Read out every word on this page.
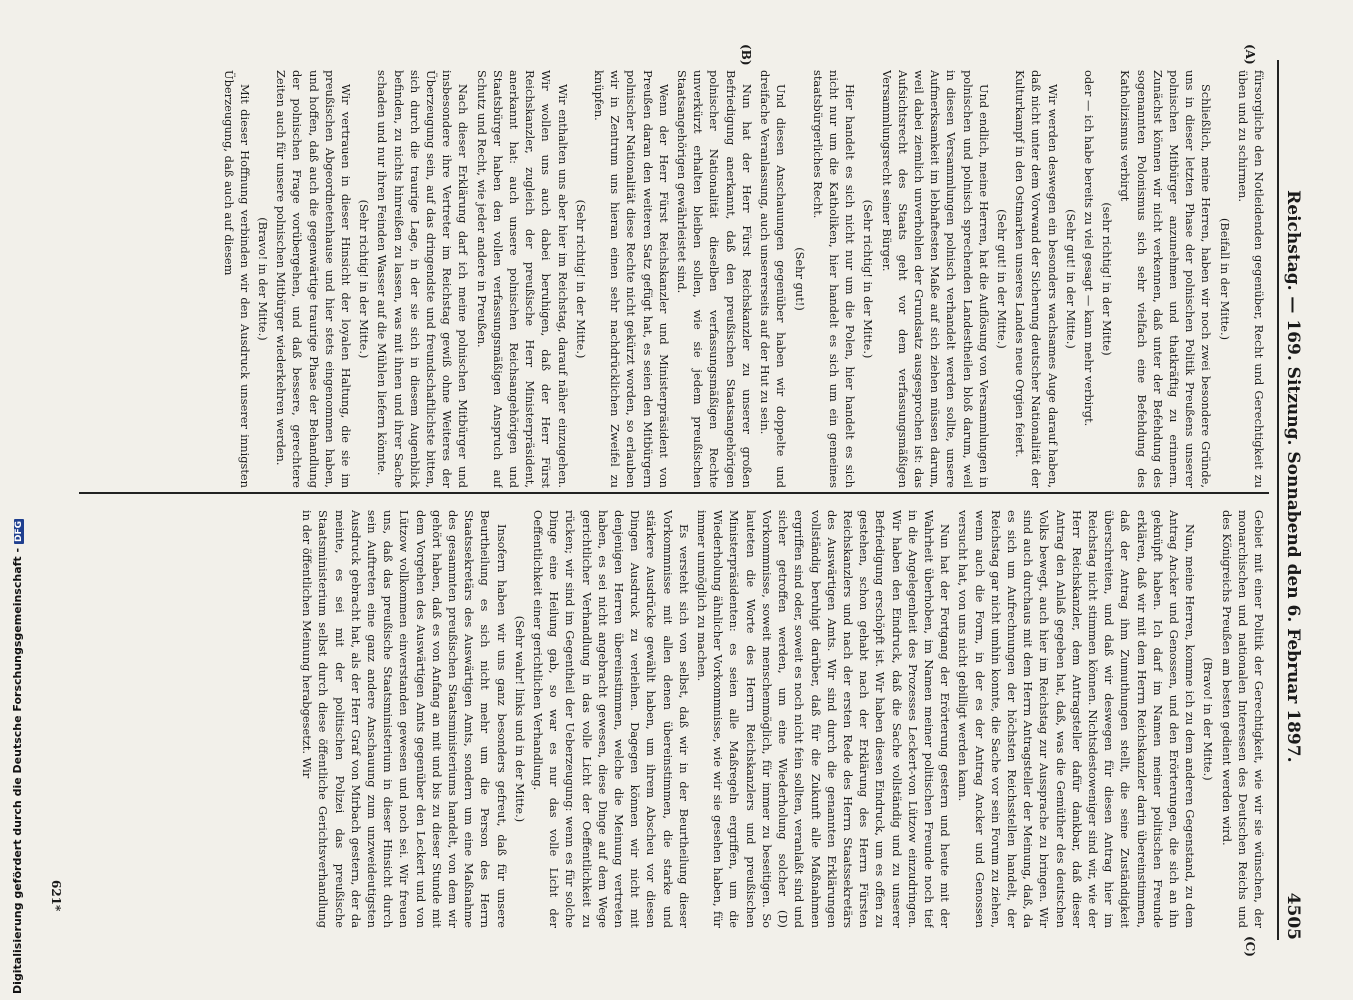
Reichstag. — 169. Sitzung. Sonnabend den 6. Februar 1897.
4505
(A)
(B)
(C)

fürsorgliche den Notleidenden gegenüber, Recht und Gerechtigkeit zu üben und zu schirmen.

(Beifall in der Mitte.)

Schließlich, meine Herren, haben wir noch zwei besondere Gründe, uns in dieser letzten Phase der polnischen Politik Preußens unserer polnischen Mitbürger anzunehmen und thatkräftig zu erinnern. Zunächst können wir nicht verkennen, daß unter der Befehdung des sogenannten Polonismus sich sehr vielfach eine Befehdung des Katholizismus verbirgt

(sehr richtig! in der Mitte)

oder — ich habe bereits zu viel gesagt — kann mehr verbirgt.

(Sehr gut! in der Mitte.)

Wir werden deswegen ein besonders wachsames Auge darauf haben, daß nicht unter dem Vorwand der Sicherung deutscher Nationalität der Kulturkampf in den Ostmarken unseres Landes neue Orgien feiert.

(Sehr gut! in der Mitte.)

Und endlich, meine Herren, hat die Auflösung von Versammlungen in polnischen und polnisch sprechenden Landestheilen bloß darum, weil in diesen Versammlungen polnisch verhandelt werden sollte, unsere Aufmerksamkeit im lebhaftesten Maße auf sich ziehen müssen darum, weil dabei ziemlich unverhohlen der Grundsatz ausgesprochen ist: das Aufsichtsrecht des Staats geht vor dem verfassungsmäßigen Versammlungsrecht seiner Bürger.

(Sehr richtig! in der Mitte.)

Hier handelt es sich nicht nur um die Polen, hier handelt es sich nicht nur um die Katholiken, hier handelt es sich um ein gemeines staatsbürgerliches Recht.

(Sehr gut!)

Und diesen Anschauungen gegenüber haben wir doppelte und dreifache Veranlassung, auch unsererseits auf der Hut zu sein.

Nun hat der Herr Fürst Reichskanzler zu unserer großen Befriedigung anerkannt, daß den preußischen Staatsangehörigen polnischer Nationalität dieselben verfassungsmäßigen Rechte unverkürzt erhalten bleiben sollen, wie sie jedem preußischen Staatsangehörigen gewährleistet sind.

Wenn der Herr Fürst Reichskanzler und Ministerpräsident von Preußen daran den weiteren Satz gefügt hat, es seien den Mitbürgern polnischer Nationalität diese Rechte nicht gekürzt worden, so erlauben wir in Zentrum uns hieran einen sehr nachdrücklichen Zweifel zu knüpfen.

(Sehr richtig! in der Mitte.)

Wir enthalten uns aber hier im Reichstag, darauf näher einzugehen. Wir wollen uns auch dabei beruhigen, daß der Herr Fürst Reichskanzler, zugleich der preußische Herr Ministerpräsident, anerkannt hat: auch unsere polnischen Reichsangehörigen und Staatsbürger haben den vollen verfassungsmäßigen Anspruch auf Schutz und Recht, wie jeder andere in Preußen.

Nach dieser Erklärung darf ich meine polnischen Mitbürger und insbesondere ihre Vertreter im Reichstag gewiß ohne Weiteres der Überzeugung sein, auf das dringendste und freundschaftlichste bitten, sich durch die traurige Lage, in der sie sich in diesem Augenblick befinden, zu nichts hinreißen zu lassen, was mit ihnen und ihrer Sache schaden und nur ihren Feinden Wasser auf die Mühlen liefern könnte.

(Sehr richtig! in der Mitte.)

Wir vertrauen in dieser Hinsicht der loyalen Haltung, die sie im preußischen Abgeordnetenhause und hier stets eingenommen haben, und hoffen, daß auch die gegenwärtige traurige Phase der Behandlung der polnischen Frage vorübergehen, und daß bessere, gerechtere Zeiten auch für unsere polnischen Mitbürger wiederkehren werden.

(Bravo! in der Mitte.)

Mit dieser Hoffnung verbinden wir den Ausdruck unserer innigsten Überzeugung, daß auch auf diesem

Gebiet mit einer Politik der Gerechtigkeit, wie wir sie wünschen, der monarchischen und nationalen Interessen des Deutschen Reichs und des Königreichs Preußen am besten gedient werden wird.

(Bravo! in der Mitte.)

Nun, meine Herren, komme ich zu dem anderen Gegenstand, zu dem Antrag Ancker und Genossen, und den Erörterungen, die sich an ihn geknüpft haben. Ich darf im Namen meiner politischen Freunde erklären, daß wir mit dem Herrn Reichskanzler darin übereinstimmen, daß der Antrag ihm Zumuthungen stellt, die seine Zuständigkeit überschreiten, und daß wir deswegen für diesen Antrag hier im Reichstag nicht stimmen können. Nichtsdestoweniger sind wir, wie der Herr Reichskanzler, dem Antragsteller dafür dankbar, daß dieser Antrag den Anlaß gegeben hat, daß, was die Gemüther des deutschen Volks bewegt, auch hier im Reichstag zur Aussprache zu bringen. Wir sind auch durchaus mit dem Herrn Antragsteller der Meinung, daß, da es sich um Aufrechnungen der höchsten Reichsstellen handelt, der Reichstag gar nicht umhin konnte, die Sache vor sein Forum zu ziehen, wenn auch die Form, in der es der Antrag Ancker und Genossen versucht hat, von uns nicht gebilligt werden kann.

Nun hat der Fortgang der Erörterung gestern und heute mit der Wahrheit überhoben, im Namen meiner politischen Freunde noch tief in die Angelegenheit des Prozesses Leckert-von Lützow einzudringen. Wir haben den Eindruck, daß die Sache vollständig und zu unserer Befriedigung erschöpft ist. Wir haben diesen Eindruck, um es offen zu gestehen, schon gehabt nach der Erklärung des Herrn Fürsten Reichskanzlers und nach der ersten Rede des Herrn Staatssekretärs des Auswärtigen Amts. Wir sind durch die genannten Erklärungen vollständig beruhigt darüber, daß für die Zukunft alle Maßnahmen ergriffen sind oder, soweit es noch nicht fein sollten, veranlaßt sind und sicher getroffen werden, um eine Wiederholung solcher (D) Vorkommnisse, soweit menschenmöglich, für immer zu beseitigen. So lauteten die Worte des Herrn Reichskanzlers und preußischen Ministerpräsidenten: es seien alle Maßregeln ergriffen, um die Wiederholung ähnlicher Vorkommnisse, wie wir sie gesehen haben, für immer unmöglich zu machen.

Es versteht sich von selbst, daß wir in der Beurtheilung dieser Vorkommnisse mit allen denen übereinstimmen, die starke und stärkere Ausdrücke gewählt haben, um ihrem Abscheu vor diesen Dingen Ausdruck zu verleihen. Dagegen können wir nicht mit denjenigen Herren übereinstimmen, welche die Meinung vertreten haben, es sei nicht angebracht gewesen, diese Dinge auf dem Wege gerichtlicher Verhandlung in das volle Licht der Oeffentlichkeit zu rücken; wir sind im Gegentheil der Ueberzeugung: wenn es für solche Dinge eine Heilung gab, so war es nur das volle Licht der Oeffentlichkeit einer gerichtlichen Verhandlung.

(Sehr wahr! links und in der Mitte.)

Insofern haben wir uns ganz besonders gefreut, daß für unsere Beurtheilung es sich nicht mehr um die Person des Herrn Staatssekretärs des Auswärtigen Amts, sondern um eine Maßnahme des gesammten preußischen Staatsministeriums handelt, von dem wir gehört haben, daß es von Anfang an mit und bis zu dieser Stunde mit dem Vorgehen des Auswärtigen Amts gegenüber den Leckert und von Lützow vollkommen einverstanden gewesen und noch sei. Wir freuen uns, daß das preußische Staatsministerium in dieser Hinsicht durch sein Auftreten eine ganz andere Anschauung zum unzweideutigsten Ausdruck gebracht hat, als der Herr Graf von Mirbach gestern, der da meinte, es sei mit der politischen Polizei das preußische Staatsministerium selbst durch diese öffentliche Gerichtsverhandlung in der öffentlichen Meinung herabgesetzt. Wir

621*
Digitalisierung gefördert durch die Deutsche Forschungsgemeinschaft -DFG
